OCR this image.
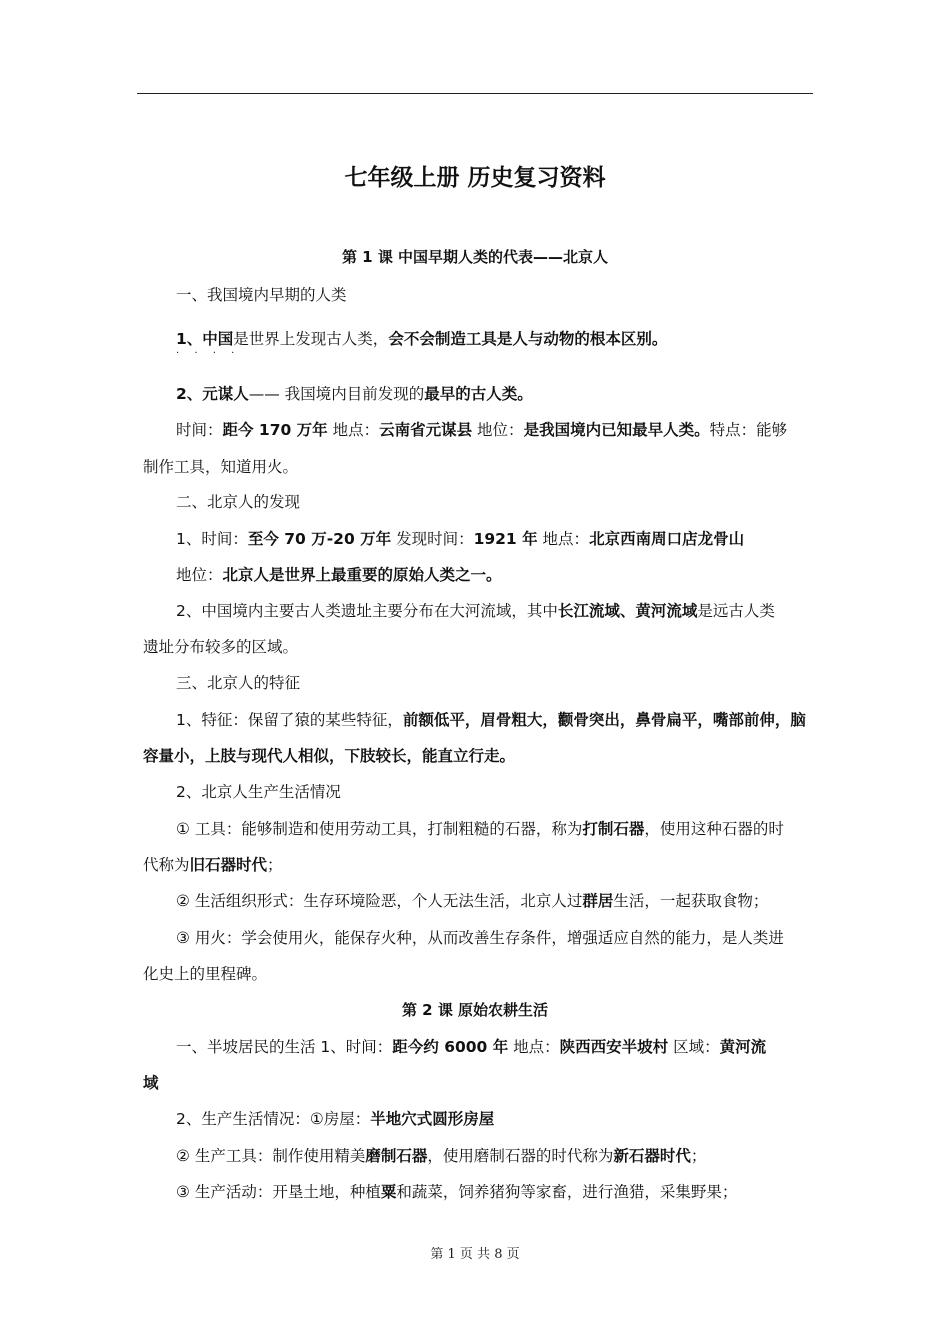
七年级上册 历史复习资料
第 1 课 中国早期人类的代表——北京人
一、我国境内早期的人类
1、中国是世界上发现古人类，会不会制造工具是人与动物的根本区别。
· · · ·
2、元谋人—— 我国境内目前发现的最早的古人类。
时间：距今 170 万年 地点：云南省元谋县 地位：是我国境内已知最早人类。特点：能够
制作工具，知道用火。
二、北京人的发现
1、时间：至今 70 万-20 万年 发现时间：1921 年 地点：北京西南周口店龙骨山
地位：北京人是世界上最重要的原始人类之一。
2、中国境内主要古人类遗址主要分布在大河流域，其中长江流域、黄河流域是远古人类
遗址分布较多的区域。
三、北京人的特征
1、特征：保留了猿的某些特征，前额低平，眉骨粗大，颧骨突出，鼻骨扁平，嘴部前伸，脑
容量小，上肢与现代人相似，下肢较长，能直立行走。
2、北京人生产生活情况
① 工具：能够制造和使用劳动工具，打制粗糙的石器，称为打制石器，使用这种石器的时
代称为旧石器时代；
② 生活组织形式：生存环境险恶，个人无法生活，北京人过群居生活，一起获取食物；
③ 用火：学会使用火，能保存火种，从而改善生存条件，增强适应自然的能力，是人类进
化史上的里程碑。
第 2 课 原始农耕生活
一、半坡居民的生活 1、时间：距今约 6000 年 地点：陕西西安半坡村 区域：黄河流
域
2、生产生活情况：①房屋：半地穴式圆形房屋
② 生产工具：制作使用精美磨制石器，使用磨制石器的时代称为新石器时代；
③ 生产活动：开垦土地，种植粟和蔬菜，饲养猪狗等家畜，进行渔猎，采集野果；
第 1 页 共 8 页
